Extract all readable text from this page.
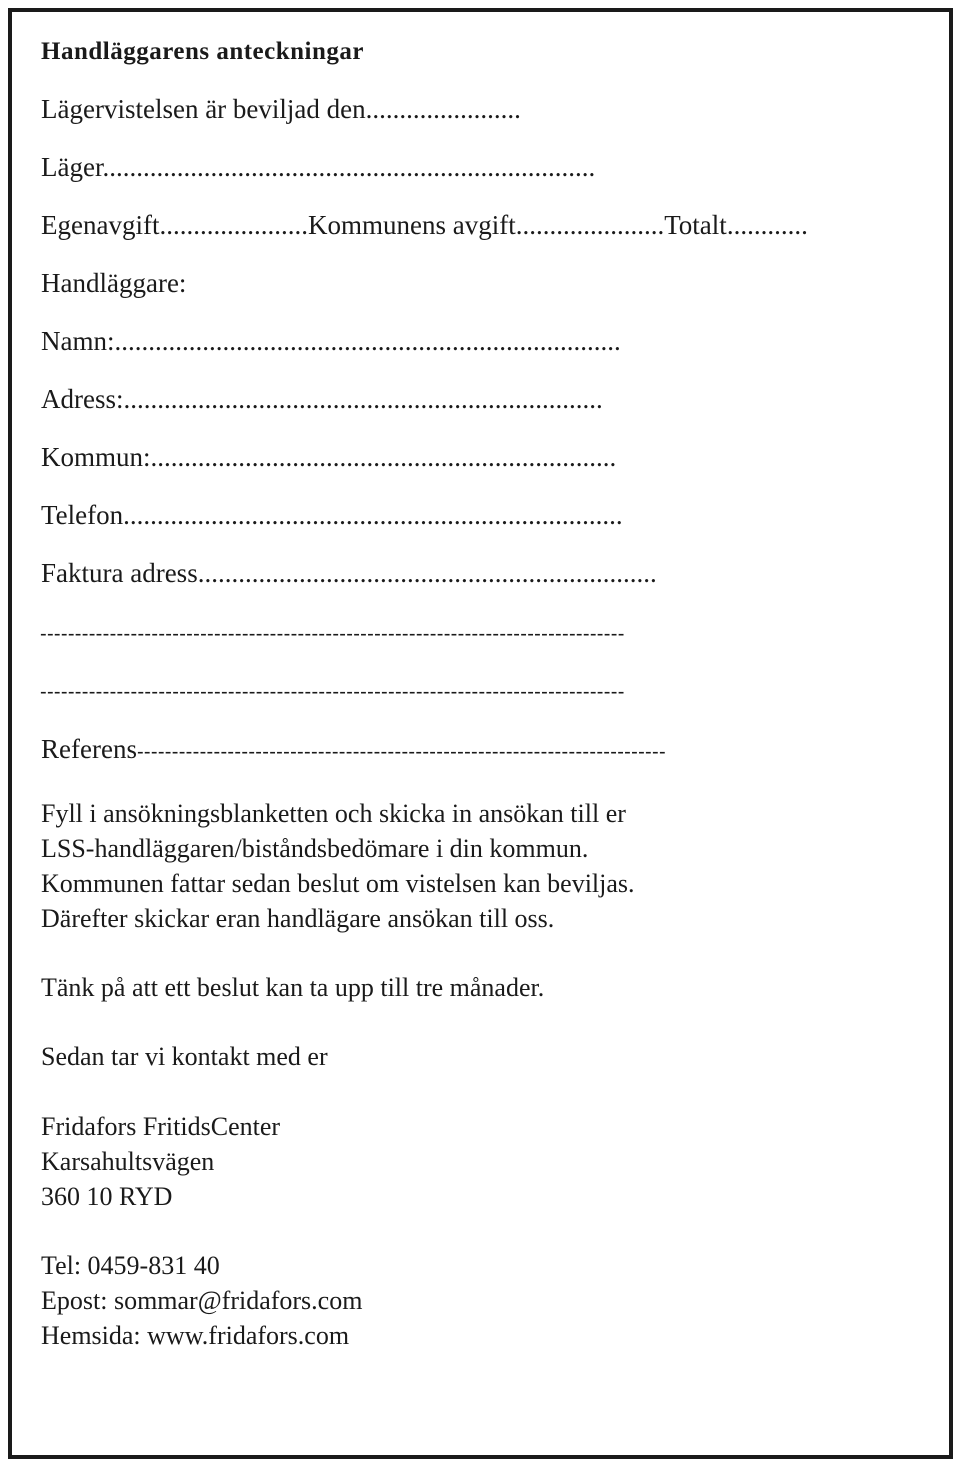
Handläggarens anteckningar
Lägervistelsen är beviljad den.......................
Läger.........................................................................
Egenavgift......................Kommunens avgift......................Totalt............
Handläggare:
Namn:...........................................................................
Adress:.......................................................................
Kommun:.....................................................................
Telefon..........................................................................
Faktura adress....................................................................
------------------------------------------------------------------------------------
------------------------------------------------------------------------------------
Referens----------------------------------------------------------------------------
Fyll i ansökningsblanketten och skicka in ansökan till er
LSS-handläggaren/biståndsbedömare i din kommun.
Kommunen fattar sedan beslut om vistelsen kan beviljas.
Därefter skickar eran handlägare ansökan till oss.
Tänk på att ett beslut kan ta upp till tre månader.
Sedan tar vi kontakt med er
Fridafors FritidsCenter
Karsahultsvägen
360 10 RYD
Tel: 0459-831 40
Epost: sommar@fridafors.com
Hemsida: www.fridafors.com
